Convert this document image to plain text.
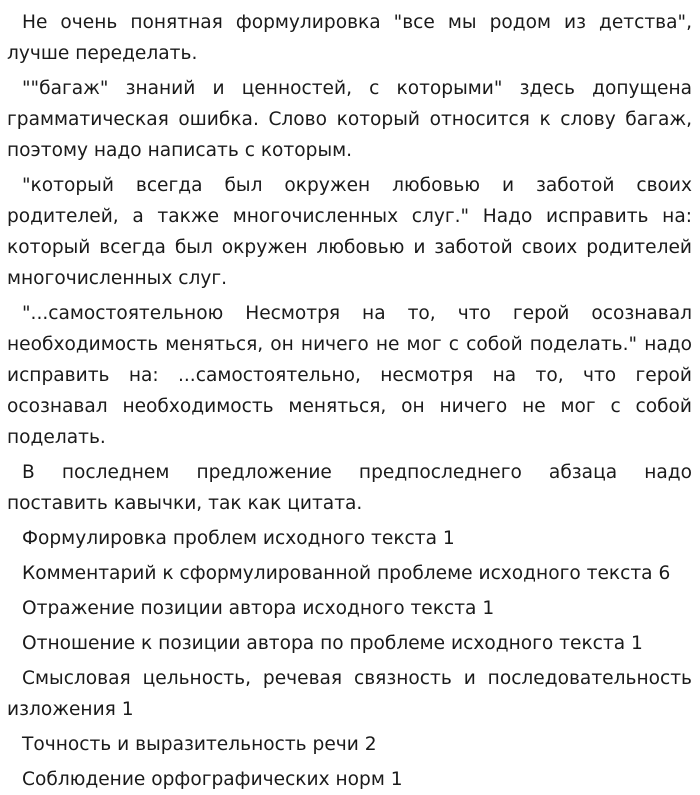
Не очень понятная формулировка "все мы родом из детства", лучше переделать.

""багаж" знаний и ценностей, с которыми" здесь допущена грамматическая ошибка. Слово который относится к слову багаж, поэтому надо написать с которым.

"который всегда был окружен любовью и заботой своих родителей, а также многочисленных слуг." Надо исправить на: который всегда был окружен любовью и заботой своих родителей многочисленных слуг.

"...самостоятельною Несмотря на то, что герой осознавал необходимость меняться, он ничего не мог с собой поделать." надо исправить на: ...самостоятельно, несмотря на то, что герой осознавал необходимость меняться, он ничего не мог с собой поделать.

В последнем предложение предпоследнего абзаца надо поставить кавычки, так как цитата.

Формулировка проблем исходного текста 1

Комментарий к сформулированной проблеме исходного текста 6

Отражение позиции автора исходного текста 1

Отношение к позиции автора по проблеме исходного текста 1

Смысловая цельность, речевая связность и последовательность изложения 1

Точность и выразительность речи 2

Соблюдение орфографических норм 1
